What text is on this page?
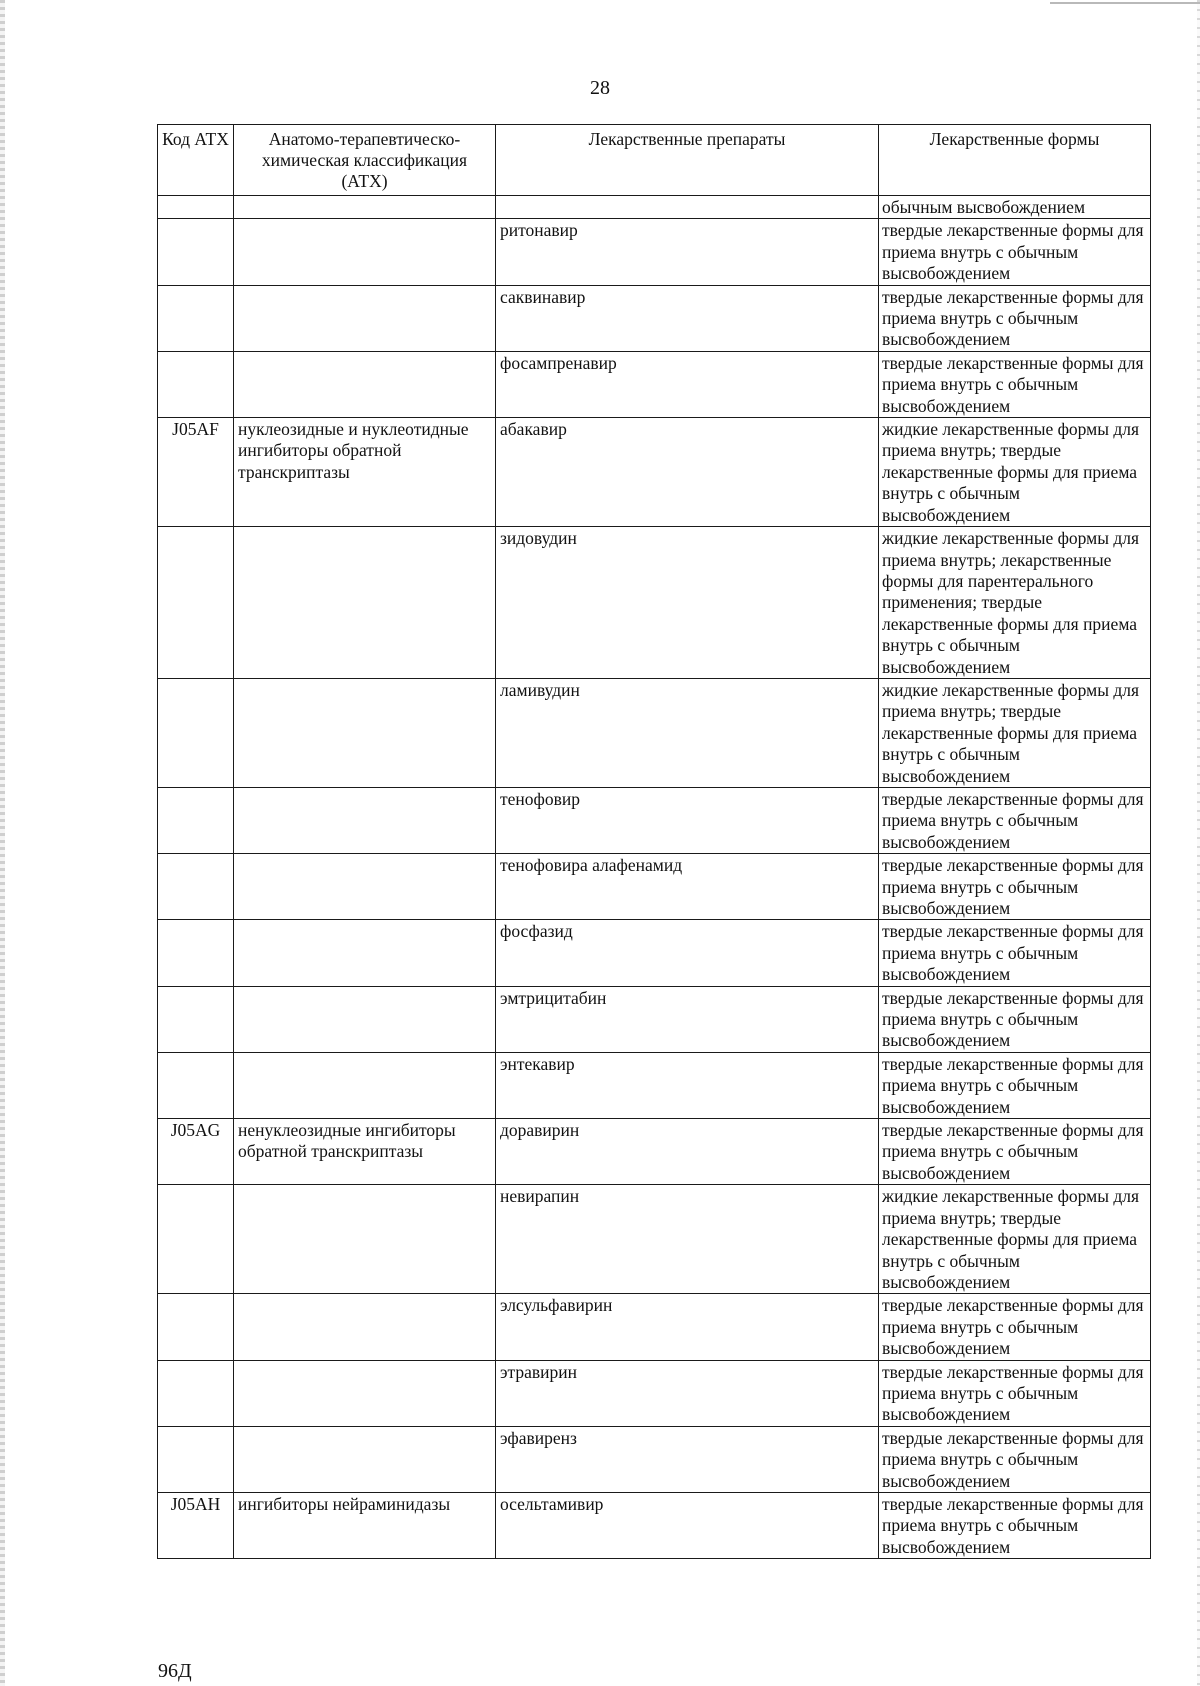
28
Код АТХ	Анатомо-терапевтическо-химическая классификация (АТХ)	Лекарственные препараты	Лекарственные формы
			обычным высвобождением
		ритонавир	твердые лекарственные формы для приема внутрь с обычным высвобождением
		саквинавир	твердые лекарственные формы для приема внутрь с обычным высвобождением
		фосампренавир	твердые лекарственные формы для приема внутрь с обычным высвобождением
J05AF	нуклеозидные и нуклеотидные ингибиторы обратной транскриптазы	абакавир	жидкие лекарственные формы для приема внутрь; твердые лекарственные формы для приема внутрь с обычным высвобождением
		зидовудин	жидкие лекарственные формы для приема внутрь; лекарственные формы для парентерального применения; твердые лекарственные формы для приема внутрь с обычным высвобождением
		ламивудин	жидкие лекарственные формы для приема внутрь; твердые лекарственные формы для приема внутрь с обычным высвобождением
		тенофовир	твердые лекарственные формы для приема внутрь с обычным высвобождением
		тенофовира алафенамид	твердые лекарственные формы для приема внутрь с обычным высвобождением
		фосфазид	твердые лекарственные формы для приема внутрь с обычным высвобождением
		эмтрицитабин	твердые лекарственные формы для приема внутрь с обычным высвобождением
		энтекавир	твердые лекарственные формы для приема внутрь с обычным высвобождением
J05AG	ненуклеозидные ингибиторы обратной транскриптазы	доравирин	твердые лекарственные формы для приема внутрь с обычным высвобождением
		невирапин	жидкие лекарственные формы для приема внутрь; твердые лекарственные формы для приема внутрь с обычным высвобождением
		элсульфавирин	твердые лекарственные формы для приема внутрь с обычным высвобождением
		этравирин	твердые лекарственные формы для приема внутрь с обычным высвобождением
		эфавиренз	твердые лекарственные формы для приема внутрь с обычным высвобождением
J05AH	ингибиторы нейраминидазы	осельтамивир	твердые лекарственные формы для приема внутрь с обычным высвобождением
96Д
